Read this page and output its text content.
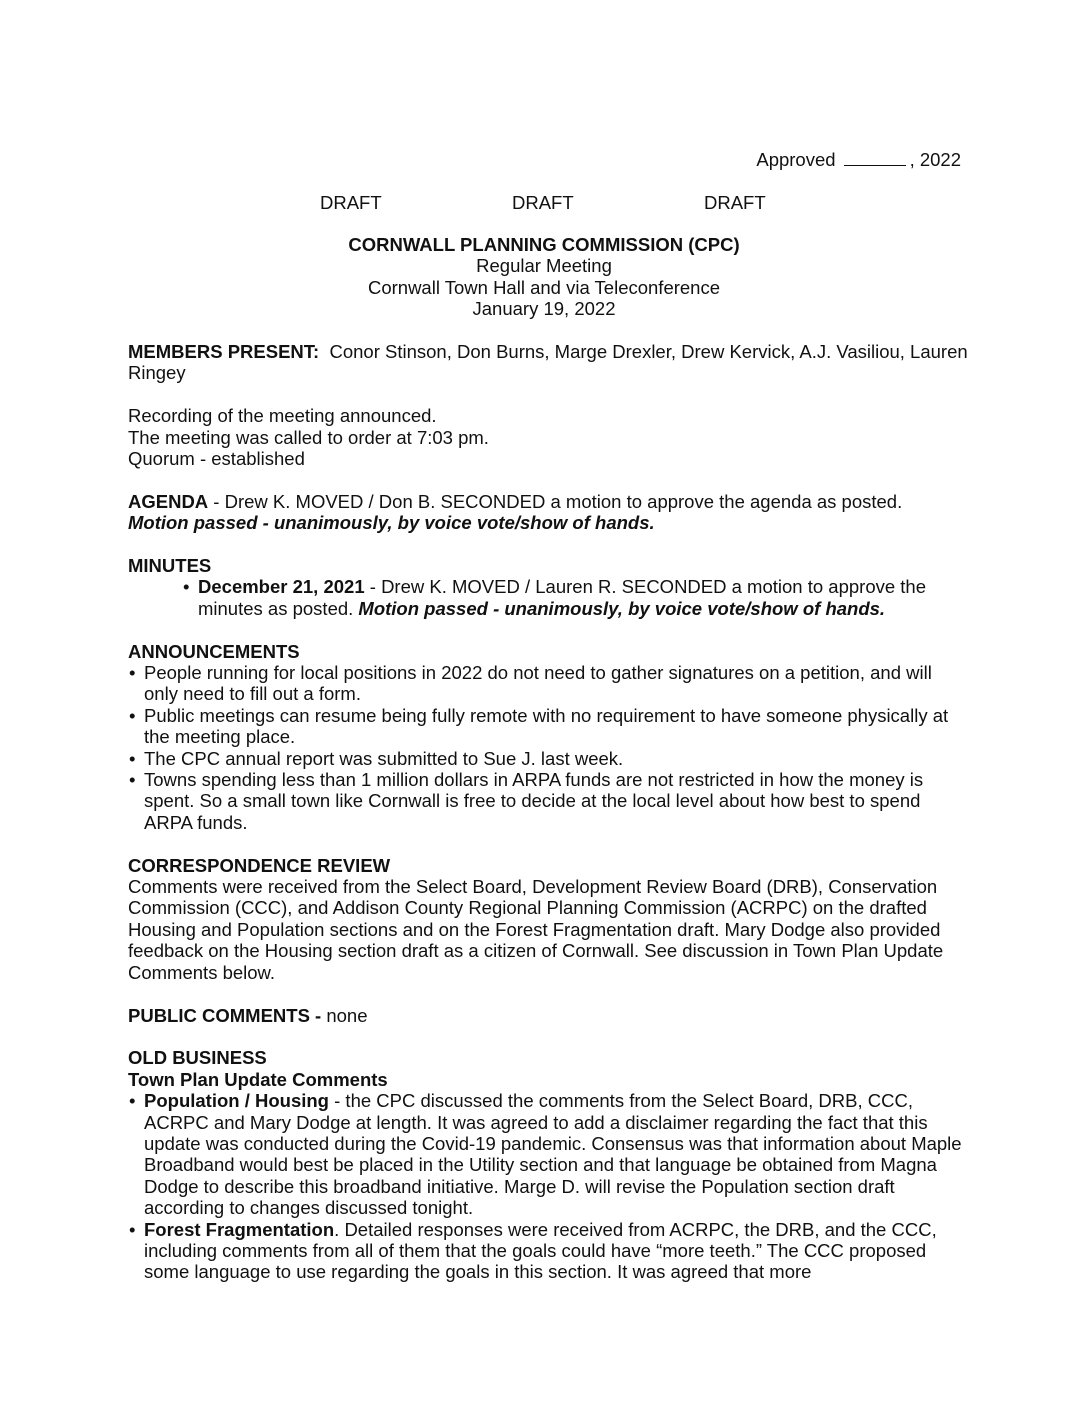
Approved	, 2022
DRAFT	DRAFT	DRAFT
CORNWALL PLANNING COMMISSION (CPC)
Regular Meeting
Cornwall Town Hall and via Teleconference
January 19, 2022

MEMBERS PRESENT: Conor Stinson, Don Burns, Marge Drexler, Drew Kervick, A.J. Vasiliou, Lauren Ringey

Recording of the meeting announced.

The meeting was called to order at 7:03 pm.

Quorum - established

AGENDA - Drew K. MOVED / Don B. SECONDED a motion to approve the agenda as posted.
Motion passed - unanimously, by voice vote/show of hands.

MINUTES

• December 21, 2021 - Drew K. MOVED / Lauren R. SECONDED a motion to approve the minutes as posted. Motion passed - unanimously, by voice vote/show of hands.

ANNOUNCEMENTS

• People running for local positions in 2022 do not need to gather signatures on a petition, and will only need to fill out a form.
• Public meetings can resume being fully remote with no requirement to have someone physically at the meeting place.
• The CPC annual report was submitted to Sue J. last week.
• Towns spending less than 1 million dollars in ARPA funds are not restricted in how the money is spent. So a small town like Cornwall is free to decide at the local level about how best to spend ARPA funds.

CORRESPONDENCE REVIEW

Comments were received from the Select Board, Development Review Board (DRB), Conservation Commission (CCC), and Addison County Regional Planning Commission (ACRPC) on the drafted Housing and Population sections and on the Forest Fragmentation draft. Mary Dodge also provided feedback on the Housing section draft as a citizen of Cornwall. See discussion in Town Plan Update Comments below.

PUBLIC COMMENTS - none

OLD BUSINESS

Town Plan Update Comments

• Population / Housing - the CPC discussed the comments from the Select Board, DRB, CCC, ACRPC and Mary Dodge at length. It was agreed to add a disclaimer regarding the fact that this update was conducted during the Covid-19 pandemic. Consensus was that information about Maple Broadband would best be placed in the Utility section and that language be obtained from Magna Dodge to describe this broadband initiative. Marge D. will revise the Population section draft according to changes discussed tonight.
• Forest Fragmentation. Detailed responses were received from ACRPC, the DRB, and the CCC, including comments from all of them that the goals could have “more teeth.” The CCC proposed some language to use regarding the goals in this section. It was agreed that more
